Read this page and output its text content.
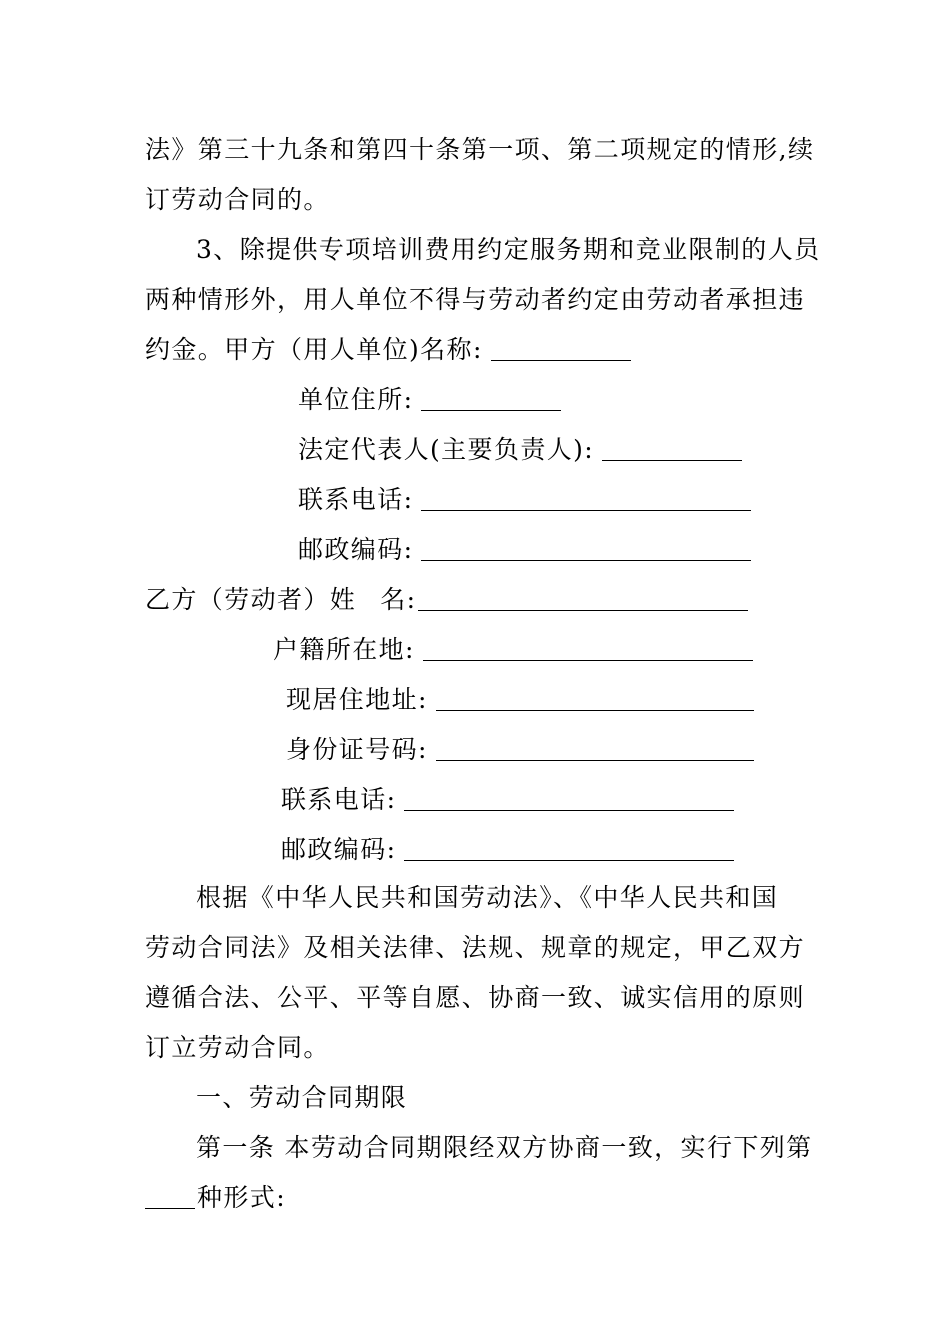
法》第三十九条和第四十条第一项、第二项规定的情形,续
订劳动合同的。
3、除提供专项培训费用约定服务期和竞业限制的人员
两种情形外，用人单位不得与劳动者约定由劳动者承担违
约金。甲方（用人单位)名称:
单位住所:
法定代表人(主要负责人):
联系电话:
邮政编码:
乙方（劳动者）姓 名:
户籍所在地:
现居住地址:
身份证号码:
联系电话:
邮政编码:
根据《中华人民共和国劳动法》、《中华人民共和国
劳动合同法》及相关法律、法规、规章的规定，甲乙双方
遵循合法、公平、平等自愿、协商一致、诚实信用的原则
订立劳动合同。
一、劳动合同期限
第一条 本劳动合同期限经双方协商一致，实行下列第
种形式:
